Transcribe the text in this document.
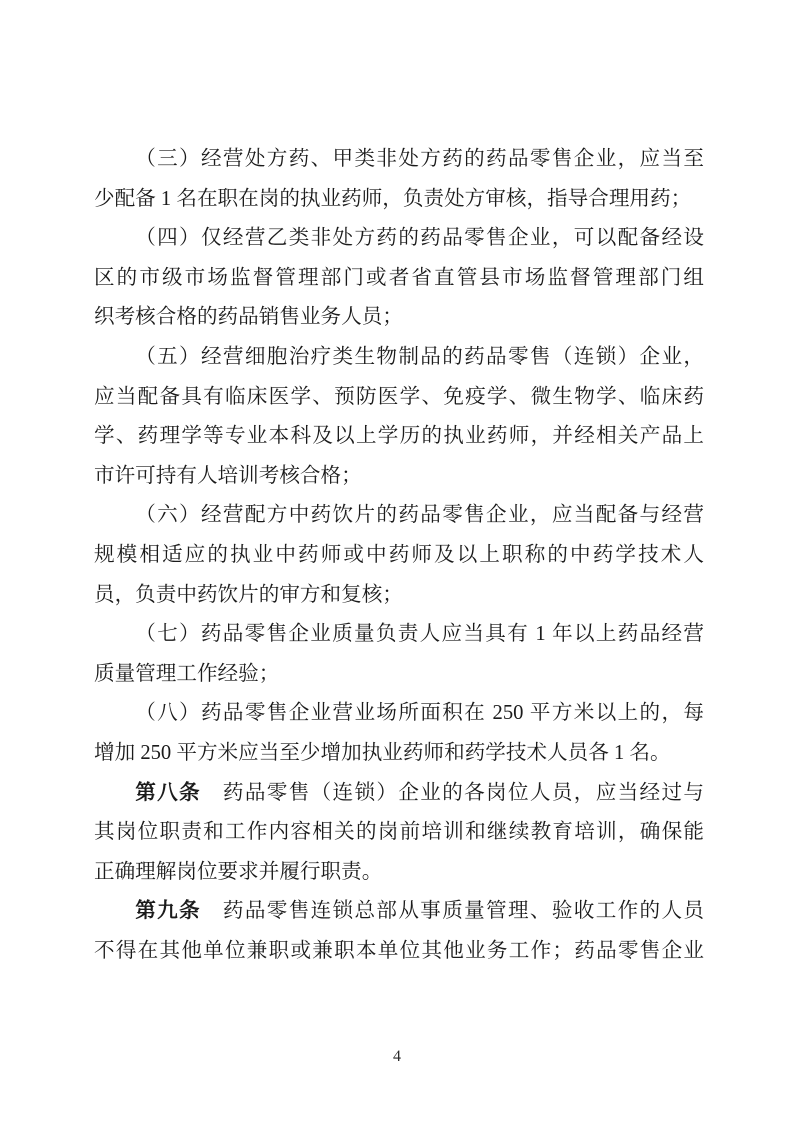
（三）经营处方药、甲类非处方药的药品零售企业，应当至
少配备 1 名在职在岗的执业药师，负责处方审核，指导合理用药；
（四）仅经营乙类非处方药的药品零售企业，可以配备经设
区的市级市场监督管理部门或者省直管县市场监督管理部门组
织考核合格的药品销售业务人员；
（五）经营细胞治疗类生物制品的药品零售（连锁）企业，
应当配备具有临床医学、预防医学、免疫学、微生物学、临床药
学、药理学等专业本科及以上学历的执业药师，并经相关产品上
市许可持有人培训考核合格；
（六）经营配方中药饮片的药品零售企业，应当配备与经营
规模相适应的执业中药师或中药师及以上职称的中药学技术人
员，负责中药饮片的审方和复核；
（七）药品零售企业质量负责人应当具有 1 年以上药品经营
质量管理工作经验；
（八）药品零售企业营业场所面积在 250 平方米以上的，每
增加 250 平方米应当至少增加执业药师和药学技术人员各 1 名。
第八条　药品零售（连锁）企业的各岗位人员，应当经过与
其岗位职责和工作内容相关的岗前培训和继续教育培训，确保能
正确理解岗位要求并履行职责。
第九条　药品零售连锁总部从事质量管理、验收工作的人员
不得在其他单位兼职或兼职本单位其他业务工作；药品零售企业
4
